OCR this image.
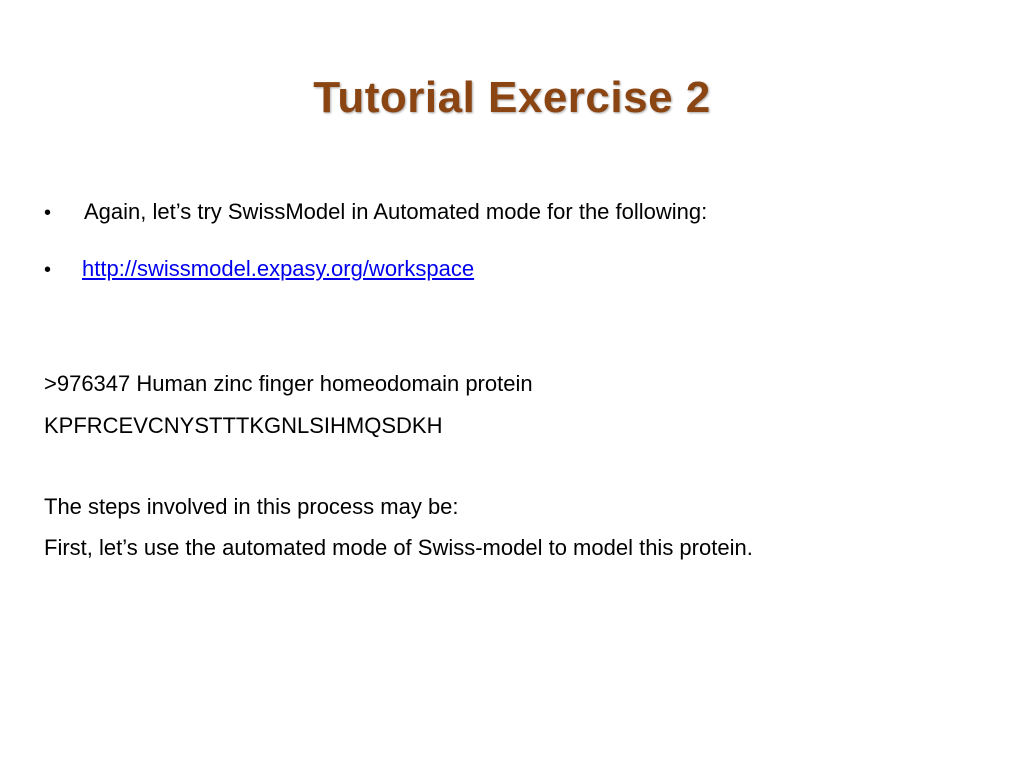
Tutorial Exercise 2
• Again, let’s try SwissModel in Automated mode for the following:
• http://swissmodel.expasy.org/workspace
>976347 Human zinc finger homeodomain protein
KPFRCEVCNYSTTTKGNLSIHMQSDKH
The steps involved in this process may be:
First, let’s use the automated mode of Swiss-model to model this protein.
